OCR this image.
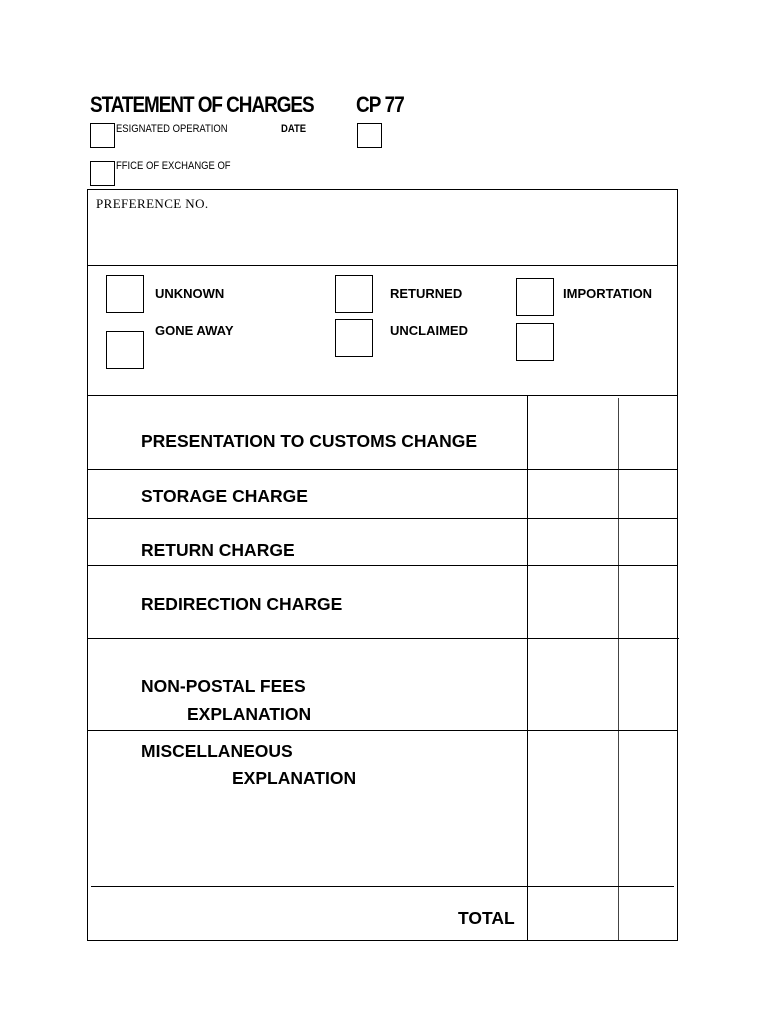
STATEMENT OF CHARGES CP 77
ESIGNATED OPERATION	DATE
FFICE OF EXCHANGE OF
PREFERENCE NO.
UNKNOWN	RETURNED	IMPORTATION
GONE AWAY	UNCLAIMED
PRESENTATION TO CUSTOMS CHANGE
STORAGE CHARGE
RETURN CHARGE
REDIRECTION CHARGE
NON-POSTAL FEES
EXPLANATION
MISCELLANEOUS
EXPLANATION
TOTAL
